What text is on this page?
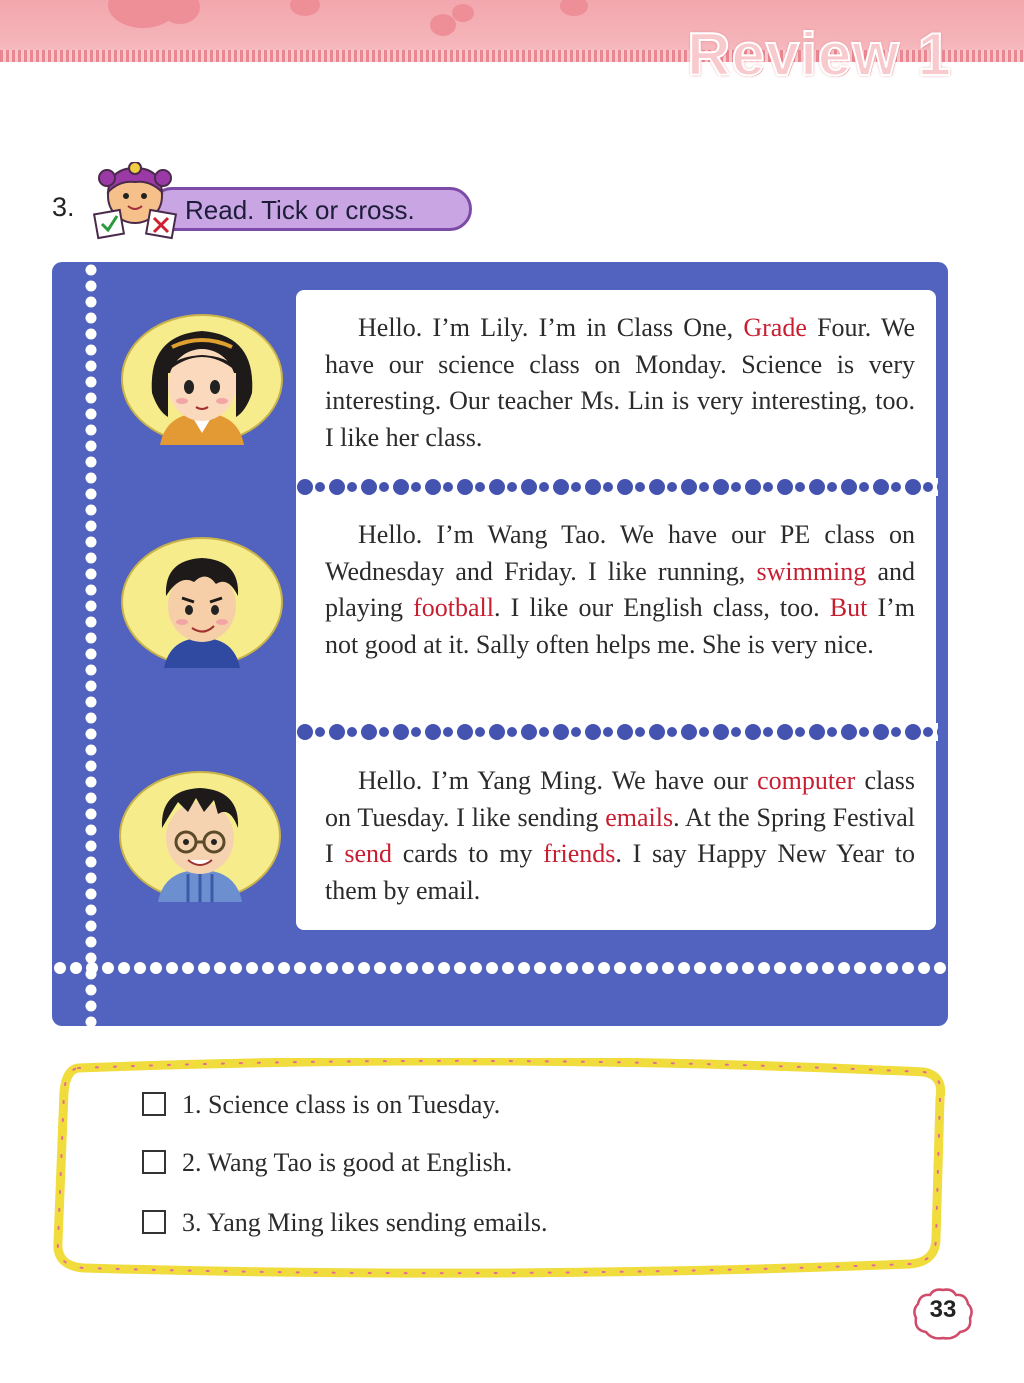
Review 1
3.	Read. Tick or cross.

Hello. I’m Lily. I’m in Class One, Grade Four. We have our science class on Monday. Science is very interesting. Our teacher Ms. Lin is very interesting, too. I like her class.

Hello. I’m Wang Tao. We have our PE class on Wednesday and Friday. I like running, swimming and playing football. I like our English class, too. But I’m not good at it. Sally often helps me. She is very nice.

Hello. I’m Yang Ming. We have our computer class on Tuesday. I like sending emails. At the Spring Festival I send cards to my friends. I say Happy New Year to them by email.

1. Science class is on Tuesday.
2. Wang Tao is good at English.
3. Yang Ming likes sending emails.
33
